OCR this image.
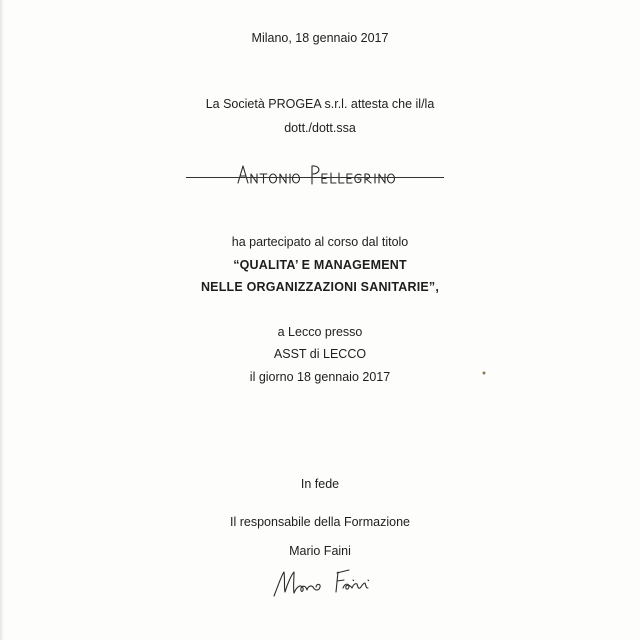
Milano, 18 gennaio 2017
La Società PROGEA s.r.l. attesta che il/la
dott./dott.ssa
ha partecipato al corso dal titolo
“QUALITA’ E MANAGEMENT
NELLE ORGANIZZAZIONI SANITARIE”,
a Lecco presso
ASST di LECCO
il giorno 18 gennaio 2017
In fede
Il responsabile della Formazione
Mario Faini
